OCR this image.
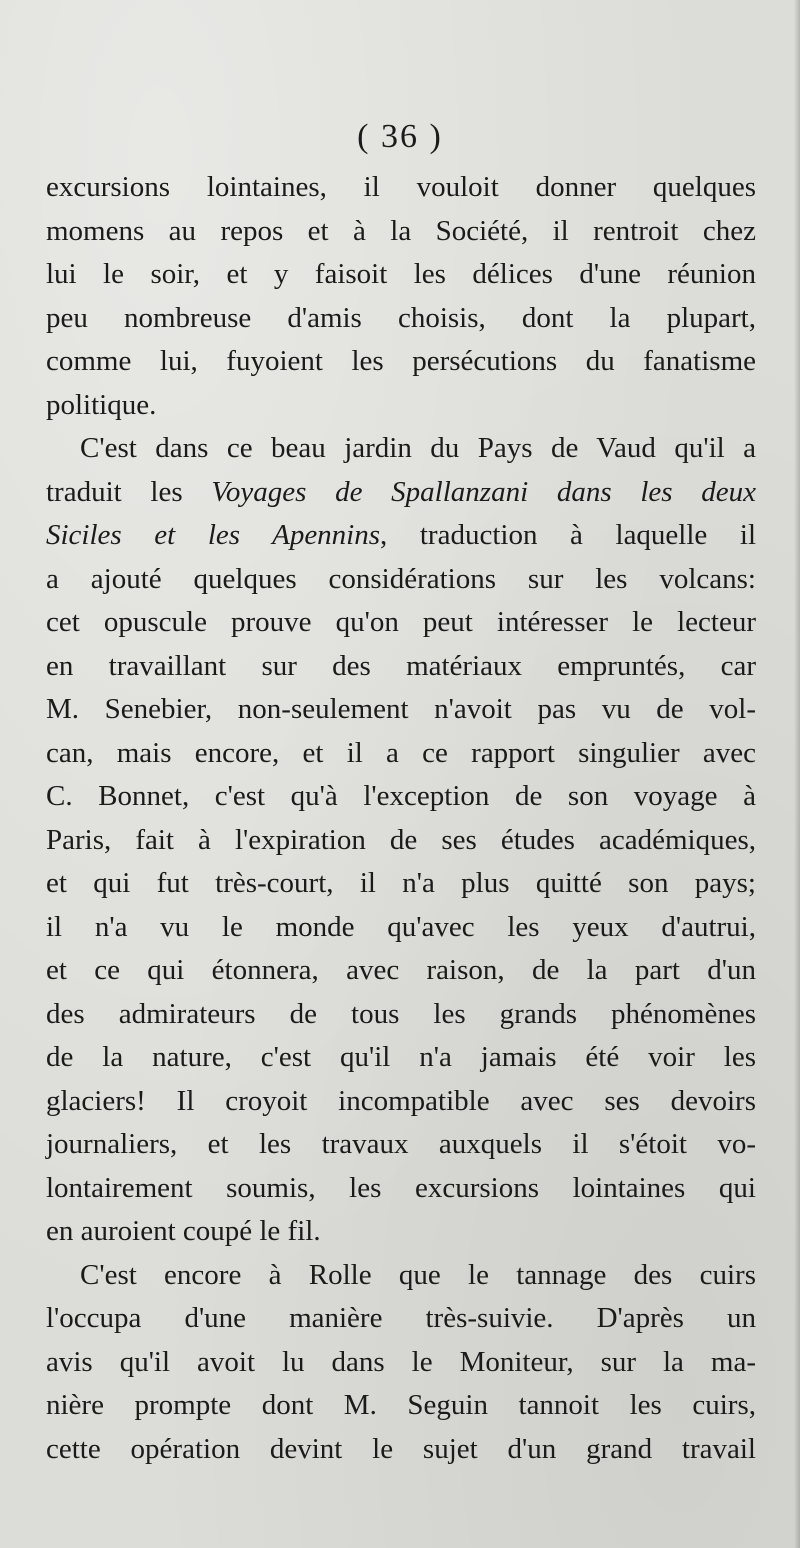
( 36 )
excursions lointaines, il vouloit donner quelques
momens au repos et à la Société, il rentroit chez
lui le soir, et y faisoit les délices d'une réunion
peu nombreuse d'amis choisis, dont la plupart,
comme lui, fuyoient les persécutions du fanatisme
politique.
C'est dans ce beau jardin du Pays de Vaud qu'il a
traduit les Voyages de Spallanzani dans les deux
Siciles et les Apennins, traduction à laquelle il
a ajouté quelques considérations sur les volcans:
cet opuscule prouve qu'on peut intéresser le lecteur
en travaillant sur des matériaux empruntés, car
M. Senebier, non-seulement n'avoit pas vu de vol-
can, mais encore, et il a ce rapport singulier avec
C. Bonnet, c'est qu'à l'exception de son voyage à
Paris, fait à l'expiration de ses études académiques,
et qui fut très-court, il n'a plus quitté son pays;
il n'a vu le monde qu'avec les yeux d'autrui,
et ce qui étonnera, avec raison, de la part d'un
des admirateurs de tous les grands phénomènes
de la nature, c'est qu'il n'a jamais été voir les
glaciers! Il croyoit incompatible avec ses devoirs
journaliers, et les travaux auxquels il s'étoit vo-
lontairement soumis, les excursions lointaines qui
en auroient coupé le fil.
C'est encore à Rolle que le tannage des cuirs
l'occupa d'une manière très-suivie. D'après un
avis qu'il avoit lu dans le Moniteur, sur la ma-
nière prompte dont M. Seguin tannoit les cuirs,
cette opération devint le sujet d'un grand travail
